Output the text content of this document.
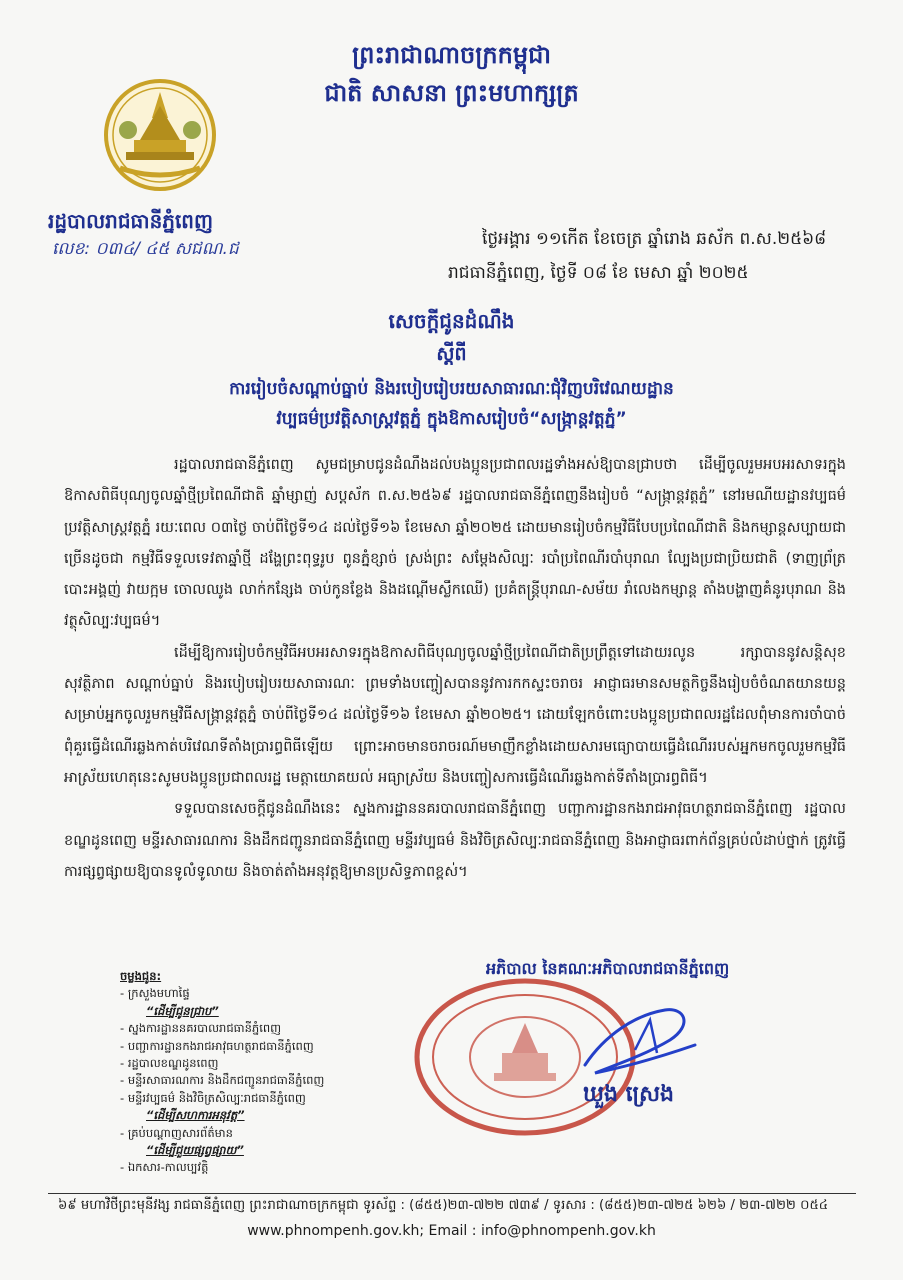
ព្រះរាជាណាចក្រកម្ពុជា
ជាតិ សាសនា ព្រះមហាក្សត្រ
រដ្ឋបាលរាជធានីភ្នំពេញ
លេខ: ០៣៤/ ៤៥ សជណ.ជ	ថ្ងៃអង្គារ ១១កើត ខែចេត្រ ឆ្នាំរោង ឆស័ក ព.ស.២៥៦៨
រាជធានីភ្នំពេញ, ថ្ងៃទី ០៨ ខែ មេសា ឆ្នាំ ២០២៥
សេចក្តីជូនដំណឹង
ស្តីពី
ការរៀបចំសណ្តាប់ធ្នាប់ និងរបៀបរៀបរយសាធារណៈជុំវិញបរិវេណយដ្ឋាន
វប្បធម៌ប្រវត្តិសាស្ត្រវត្តភ្នំ ក្នុងឱកាសរៀបចំ“សង្ក្រាន្តវត្តភ្នំ”

រដ្ឋបាលរាជធានីភ្នំពេញ សូមជម្រាបជូនដំណឹងដល់បងប្អូនប្រជាពលរដ្ឋទាំងអស់ឱ្យបានជ្រាបថា ដើម្បីចូលរួមអបអរសាទរក្នុងឱកាសពិធីបុណ្យចូលឆ្នាំថ្មីប្រពៃណីជាតិ ឆ្នាំម្សាញ់ សប្តស័ក ព.ស.២៥៦៩ រដ្ឋបាលរាជធានីភ្នំពេញនឹងរៀបចំ “សង្ក្រាន្តវត្តភ្នំ” នៅរមណីយដ្ឋានវប្បធម៌ប្រវត្តិសាស្ត្រវត្តភ្នំ រយៈពេល ០៣ថ្ងៃ ចាប់ពីថ្ងៃទី១៤ ដល់ថ្ងៃទី១៦ ខែមេសា ឆ្នាំ២០២៥ ដោយមានរៀបចំកម្មវិធីបែបប្រពៃណីជាតិ និងកម្សាន្តសប្បាយជាច្រើនដូចជា កម្មវិធីទទួលទេវតាឆ្នាំថ្មី ដង្ហែព្រះពុទ្ធរូប ពូនភ្នំខ្សាច់ ស្រង់ព្រះ សម្តែងសិល្បៈ របាំប្រពៃណីរបាំបុរាណ ល្បែងប្រជាប្រិយជាតិ (ទាញព្រ័ត្រ បោះអង្គញ់ វាយក្អម ចោលឈូង លាក់កន្សែង ចាប់កូនខ្លែង និងដណ្តើមស្លឹកឈើ) ប្រគំតន្ត្រីបុរាណ-សម័យ រាំលេងកម្សាន្ត តាំងបង្ហាញគំនូរបុរាណ និងវត្ថុសិល្បៈវប្បធម៌។

ដើម្បីឱ្យការរៀបចំកម្មវិធីអបអរសាទរក្នុងឱកាសពិធីបុណ្យចូលឆ្នាំថ្មីប្រពៃណីជាតិប្រព្រឹត្តទៅដោយរលូន រក្សាបាននូវសន្តិសុខ សុវត្ថិភាព សណ្តាប់ធ្នាប់ និងរបៀបរៀបរយសាធារណៈ ព្រមទាំងបញ្ចៀសបាននូវការកកស្ទះចរាចរ អាជ្ញាធរមានសមត្ថកិច្ចនឹងរៀបចំចំណតយានយន្តសម្រាប់អ្នកចូលរួមកម្មវិធីសង្ក្រាន្តវត្តភ្នំ ចាប់ពីថ្ងៃទី១៤ ដល់ថ្ងៃទី១៦ ខែមេសា ឆ្នាំ២០២៥។ ដោយឡែកចំពោះបងប្អូនប្រជាពលរដ្ឋដែលពុំមានការចាំបាច់ ពុំគួរធ្វើដំណើរឆ្លងកាត់បរិវេណទីតាំងប្រារព្ធពិធីឡើយ ព្រោះអាចមានចរាចរណ៍មមាញឹកខ្លាំងដោយសារមធ្យោបាយធ្វើដំណើររបស់អ្នកមកចូលរួមកម្មវិធី អាស្រ័យហេតុនេះសូមបងប្អូនប្រជាពលរដ្ឋ មេត្តាយោគយល់ អធ្យាស្រ័យ និងបញ្ចៀសការធ្វើដំណើរឆ្លងកាត់ទីតាំងប្រារព្ធពិធី។

ទទួលបានសេចក្តីជូនដំណឹងនេះ ស្នងការដ្ឋាននគរបាលរាជធានីភ្នំពេញ បញ្ជាការដ្ឋានកងរាជអាវុធហត្ថរាជធានីភ្នំពេញ រដ្ឋបាលខណ្ឌដូនពេញ មន្ទីរសាធារណការ និងដឹកជញ្ជូនរាជធានីភ្នំពេញ មន្ទីរវប្បធម៌ និងវិចិត្រសិល្បៈរាជធានីភ្នំពេញ និងអាជ្ញាធរពាក់ព័ន្ធគ្រប់លំដាប់ថ្នាក់ ត្រូវធ្វើការផ្សព្វផ្សាយឱ្យបានទូលំទូលាយ និងចាត់តាំងអនុវត្តឱ្យមានប្រសិទ្ធភាពខ្ពស់។

ចម្លងជូន:
- ក្រសួងមហាផ្ទៃ
“ដើម្បីជូនជ្រាប”
- ស្នងការដ្ឋាននគរបាលរាជធានីភ្នំពេញ
- បញ្ជាការដ្ឋានកងរាជអាវុធហត្ថរាជធានីភ្នំពេញ
- រដ្ឋបាលខណ្ឌដូនពេញ
- មន្ទីរសាធារណការ និងដឹកជញ្ជូនរាជធានីភ្នំពេញ
- មន្ទីរវប្បធម៌ និងវិចិត្រសិល្បៈរាជធានីភ្នំពេញ
“ដើម្បីសហការអនុវត្ត”
- គ្រប់បណ្តាញសារព័ត៌មាន
“ដើម្បីជួយផ្សព្វផ្សាយ”
- ឯកសារ-កាលប្បវត្តិ
អភិបាល នៃគណៈអភិបាលរាជធានីភ្នំពេញ
ឃួង ស្រេង
៦៩ មហាវិថីព្រះមុនីវង្ស រាជធានីភ្នំពេញ ព្រះរាជាណាចក្រកម្ពុជា ទូរស័ព្ទ : (៨៥៥)២៣-៧២២ ៧៣៩ / ទូរសារ : (៨៥៥)២៣-៧២៥ ៦២៦ / ២៣-៧២២ ០៥៤
www.phnompenh.gov.kh; Email : info@phnompenh.gov.kh
